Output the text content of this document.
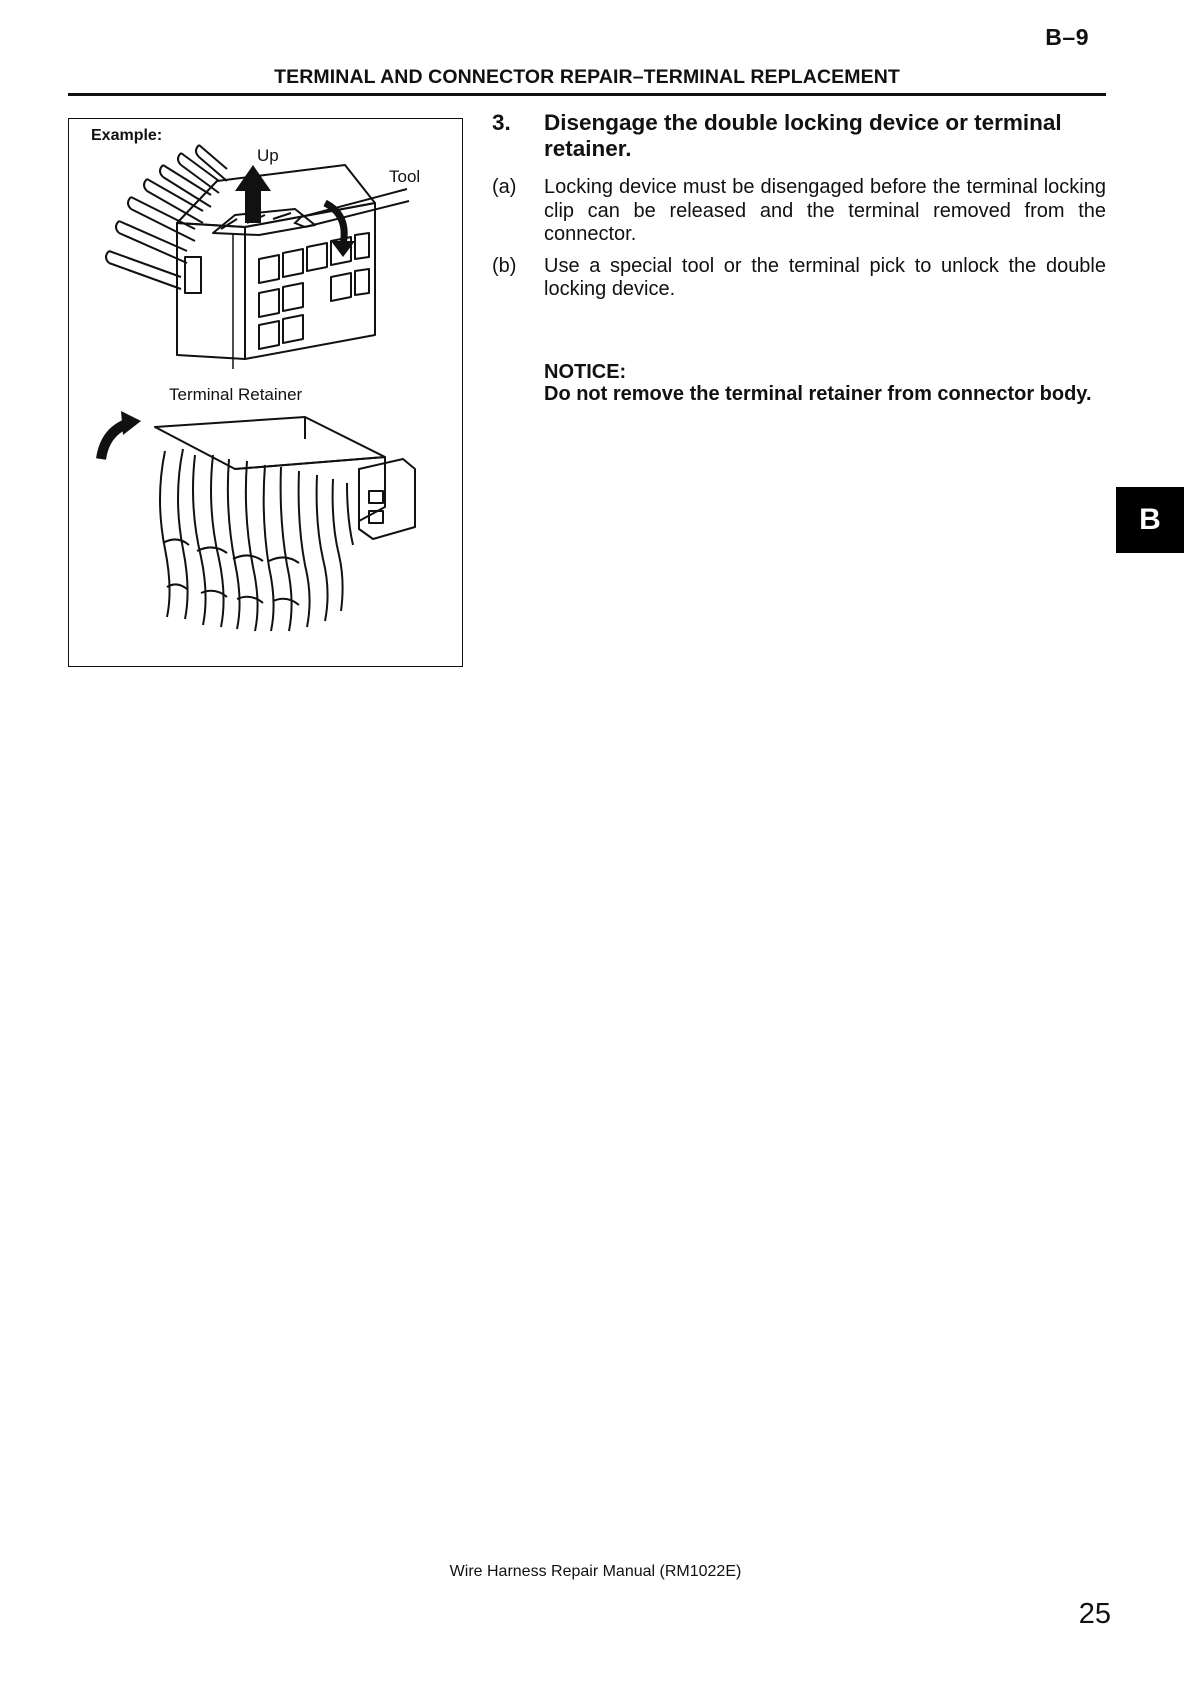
B–9
TERMINAL AND CONNECTOR REPAIR–TERMINAL REPLACEMENT
Example:
Up
Tool
Terminal Retainer
3. Disengage the double locking device or terminal retainer.
(a) Locking device must be disengaged before the terminal locking clip can be released and the terminal removed from the connector.
(b) Use a special tool or the terminal pick to unlock the double locking device.
NOTICE:
Do not remove the terminal retainer from connector body.
B
Wire Harness Repair Manual (RM1022E)
25
